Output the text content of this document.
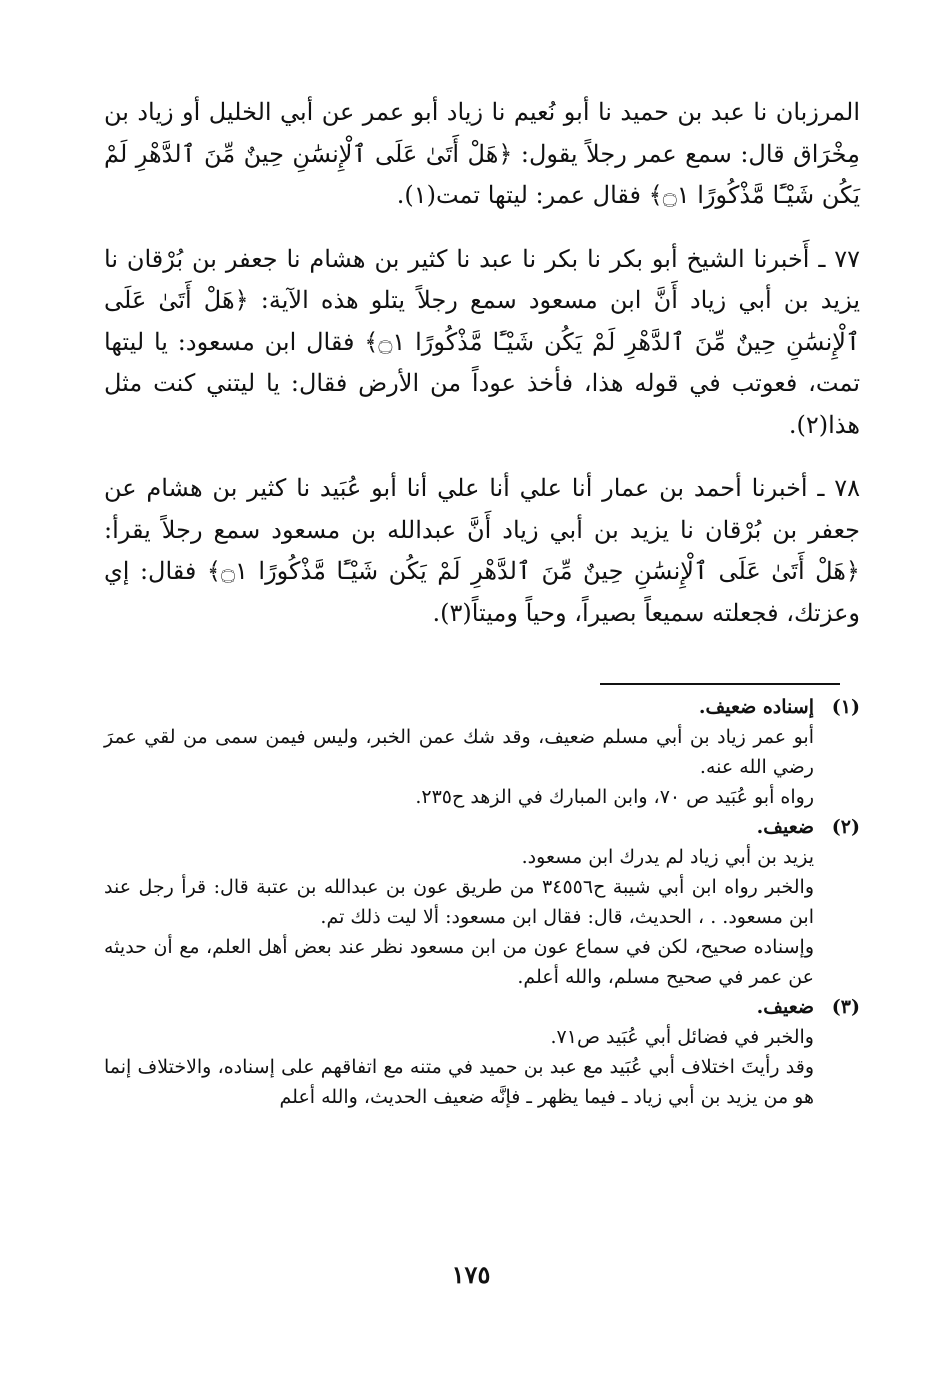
المرزبان نا عبد بن حميد نا أبو نُعيم نا زياد أبو عمر عن أبي الخليل أو زياد بن مِخْرَاق قال: سمع عمر رجلاً يقول: ﴿هَلْ أَتَىٰ عَلَى ٱلْإِنسَٰنِ حِينٌ مِّنَ ٱلدَّهْرِ لَمْ يَكُن شَيْـًٔا مَّذْكُورًا ۝١﴾ فقال عمر: ليتها تمت(١).

٧٧ ـ أَخبرنا الشيخ أبو بكر نا بكر نا عبد نا كثير بن هشام نا جعفر بن بُرْقان نا يزيد بن أبي زياد أَنَّ ابن مسعود سمع رجلاً يتلو هذه الآية: ﴿هَلْ أَتَىٰ عَلَى ٱلْإِنسَٰنِ حِينٌ مِّنَ ٱلدَّهْرِ لَمْ يَكُن شَيْـًٔا مَّذْكُورًا ۝١﴾ فقال ابن مسعود: يا ليتها تمت، فعوتب في قوله هذا، فأخذ عوداً من الأرض فقال: يا ليتني كنت مثل هذا(٢).

٧٨ ـ أخبرنا أحمد بن عمار أنا علي أنا علي أنا أبو عُبَيد نا كثير بن هشام عن جعفر بن بُرْقان نا يزيد بن أبي زياد أَنَّ عبدالله بن مسعود سمع رجلاً يقرأ: ﴿هَلْ أَتَىٰ عَلَى ٱلْإِنسَٰنِ حِينٌ مِّنَ ٱلدَّهْرِ لَمْ يَكُن شَيْـًٔا مَّذْكُورًا ۝١﴾ فقال: إي وعزتك، فجعلته سميعاً بصيراً، وحياً وميتاً(٣).

(١)

إسناده ضعيف.

أبو عمر زياد بن أبي مسلم ضعيف، وقد شك عمن الخبر، وليس فيمن سمى من لقي عمرَ رضي الله عنه.

رواه أبو عُبَيد ص ٧٠، وابن المبارك في الزهد ح٢٣٥.

(٢)

ضعيف.

يزيد بن أبي زياد لم يدرك ابن مسعود.

والخبر رواه ابن أبي شيبة ح٣٤٥٥٦ من طريق عون بن عبدالله بن عتبة قال: قرأ رجل عند ابن مسعود. . ، الحديث، قال: فقال ابن مسعود: ألا ليت ذلك تم.

وإسناده صحيح، لكن في سماع عون من ابن مسعود نظر عند بعض أهل العلم، مع أن حديثه عن عمر في صحيح مسلم، والله أعلم.

(٣)

ضعيف.

والخبر في فضائل أبي عُبَيد ص٧١.

وقد رأيتَ اختلاف أبي عُبَيد مع عبد بن حميد في متنه مع اتفاقهم على إسناده، والاختلاف إنما هو من يزيد بن أبي زياد ـ فيما يظهر ـ فإنَّه ضعيف الحديث، والله أعلم

١٧٥
